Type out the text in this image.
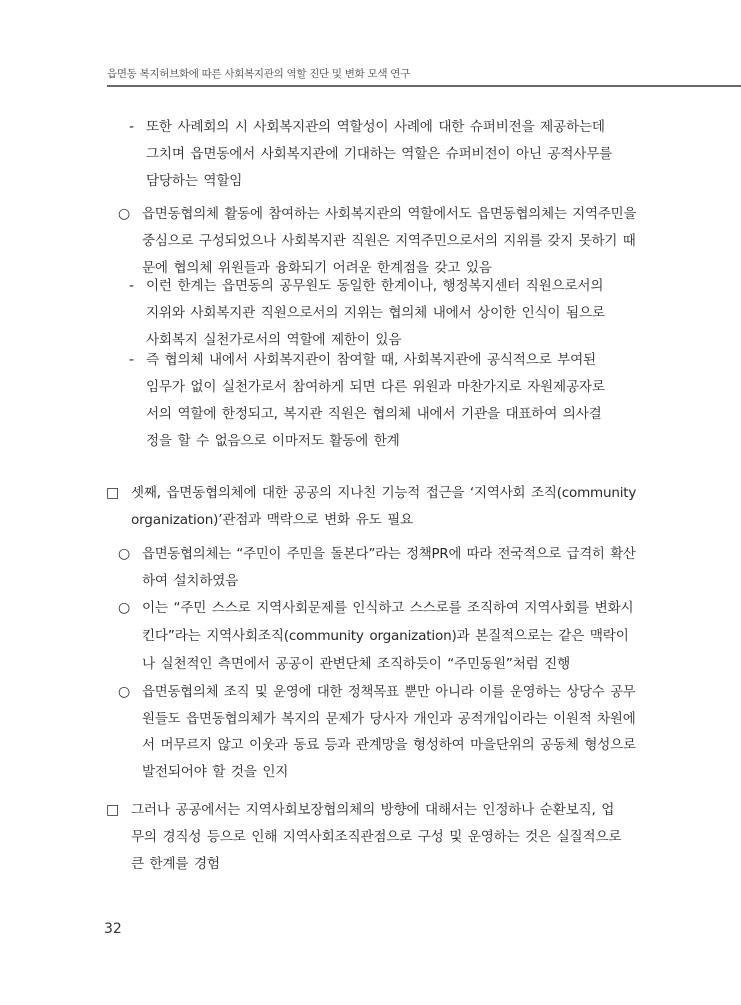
읍면동 복지허브화에 따른 사회복지관의 역할 진단 및 변화 모색 연구
- 또한 사례회의 시 사회복지관의 역할성이 사례에 대한 슈퍼비전을 제공하는데
그치며 읍면동에서 사회복지관에 기대하는 역할은 슈퍼비전이 아닌 공적사무를
담당하는 역할임
○ 읍면동협의체 활동에 참여하는 사회복지관의 역할에서도 읍면동협의체는 지역주민을
중심으로 구성되었으나 사회복지관 직원은 지역주민으로서의 지위를 갖지 못하기 때
문에 협의체 위원들과 융화되기 어려운 한계점을 갖고 있음
- 이런 한계는 읍면동의 공무원도 동일한 한계이나, 행정복지센터 직원으로서의
지위와 사회복지관 직원으로서의 지위는 협의체 내에서 상이한 인식이 됨으로
사회복지 실천가로서의 역할에 제한이 있음
- 즉 협의체 내에서 사회복지관이 참여할 때, 사회복지관에 공식적으로 부여된
임무가 없이 실천가로서 참여하게 되면 다른 위원과 마찬가지로 자원제공자로
서의 역할에 한정되고, 복지관 직원은 협의체 내에서 기관을 대표하여 의사결
정을 할 수 없음으로 이마저도 활동에 한계
□ 셋째, 읍면동협의체에 대한 공공의 지나친 기능적 접근을 ‘지역사회 조직(community
organization)’관점과 맥락으로 변화 유도 필요
○ 읍면동협의체는 “주민이 주민을 돌본다”라는 정책PR에 따라 전국적으로 급격히 확산
하여 설치하였음
○ 이는 “주민 스스로 지역사회문제를 인식하고 스스로를 조직하여 지역사회를 변화시
킨다”라는 지역사회조직(community organization)과 본질적으로는 같은 맥락이
나 실천적인 측면에서 공공이 관변단체 조직하듯이 “주민동원”처럼 진행
○ 읍면동협의체 조직 및 운영에 대한 정책목표 뿐만 아니라 이를 운영하는 상당수 공무
원들도 읍면동협의체가 복지의 문제가 당사자 개인과 공적개입이라는 이원적 차원에
서 머무르지 않고 이웃과 동료 등과 관계망을 형성하여 마을단위의 공동체 형성으로
발전되어야 할 것을 인지
□ 그러나 공공에서는 지역사회보장협의체의 방향에 대해서는 인정하나 순환보직, 업
무의 경직성 등으로 인해 지역사회조직관점으로 구성 및 운영하는 것은 실질적으로
큰 한계를 경험
32
